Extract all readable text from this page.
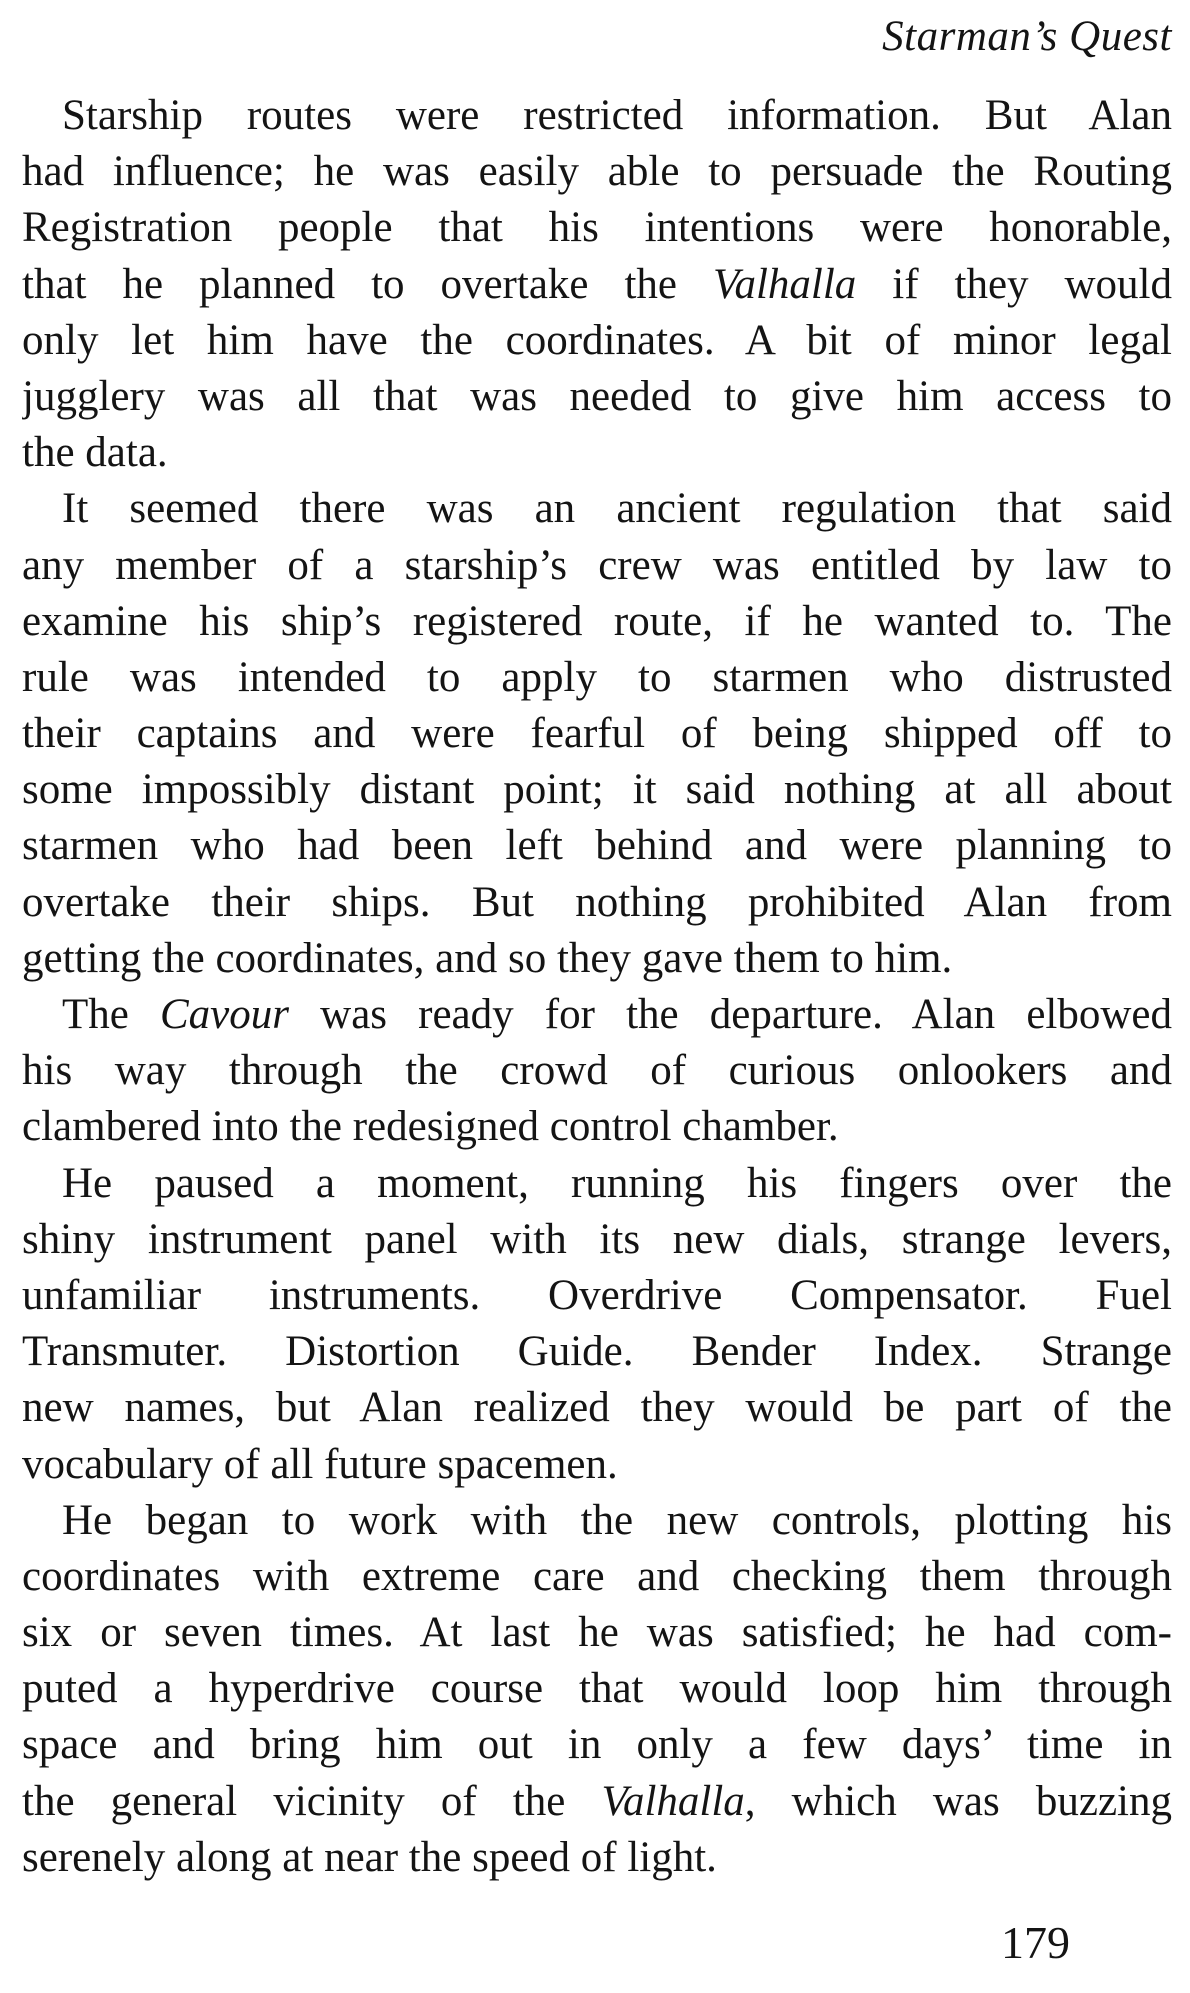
Starman’s Quest
Starship routes were restricted information. But Alan
had influence; he was easily able to persuade the Routing
Registration people that his intentions were honorable,
that he planned to overtake the Valhalla if they would
only let him have the coordinates. A bit of minor legal
jugglery was all that was needed to give him access to
the data.
It seemed there was an ancient regulation that said
any member of a starship’s crew was entitled by law to
examine his ship’s registered route, if he wanted to. The
rule was intended to apply to starmen who distrusted
their captains and were fearful of being shipped off to
some impossibly distant point; it said nothing at all about
starmen who had been left behind and were planning to
overtake their ships. But nothing prohibited Alan from
getting the coordinates, and so they gave them to him.
The Cavour was ready for the departure. Alan elbowed
his way through the crowd of curious onlookers and
clambered into the redesigned control chamber.
He paused a moment, running his fingers over the
shiny instrument panel with its new dials, strange levers,
unfamiliar instruments. Overdrive Compensator. Fuel
Transmuter. Distortion Guide. Bender Index. Strange
new names, but Alan realized they would be part of the
vocabulary of all future spacemen.
He began to work with the new controls, plotting his
coordinates with extreme care and checking them through
six or seven times. At last he was satisfied; he had com-
puted a hyperdrive course that would loop him through
space and bring him out in only a few days’ time in
the general vicinity of the Valhalla, which was buzzing
serenely along at near the speed of light.
179
